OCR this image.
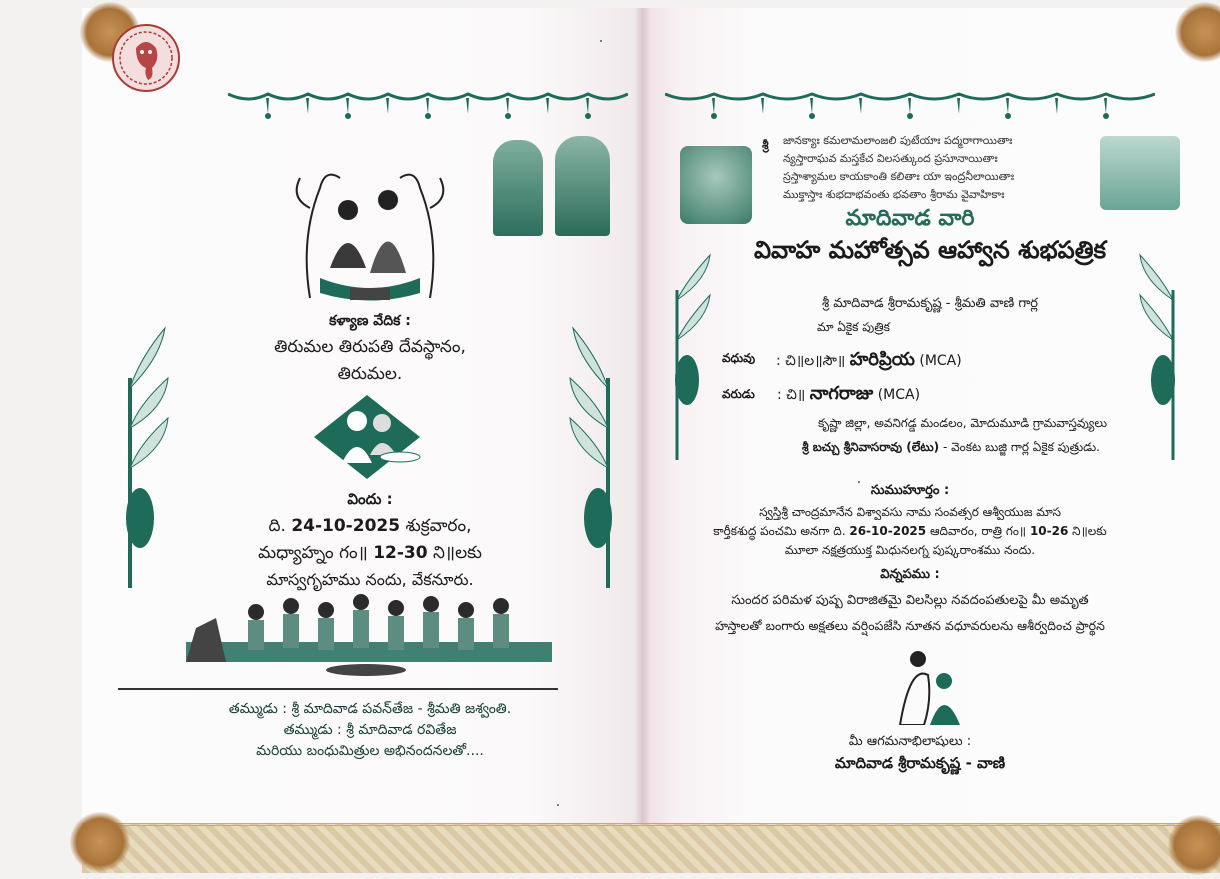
కళ్యాణ వేదిక :
తిరుమల తిరుపతి దేవస్థానం,
తిరుమల.
విందు :
ది. 24-10-2025 శుక్రవారం,
మధ్యాహ్నం గం॥ 12-30 ని॥లకు
మాస్వగృహము నందు, వేకనూరు.
తమ్ముడు : శ్రీ మాదివాడ పవన్‌తేజ - శ్రీమతి జశ్వంతి.
తమ్ముడు : శ్రీ మాదివాడ రవితేజ
మరియు బంధుమిత్రుల అభినందనలతో....
శ్రీ జానక్యాః కమలామలాంజలి పుటేయాః పద్మరాగాయితాః
న్యస్తారాఘవ మస్తకేచ విలసత్కుంద ప్రసూనాయితాః
స్రస్తాశ్యామల కాయకాంతి కలితాః యా ఇంద్రనీలాయితాః
ముక్తాస్తాః శుభదాభవంతు భవతాం శ్రీరామ వైవాహికాః
మాదివాడ వారి
వివాహ మహోత్సవ ఆహ్వాన శుభపత్రిక
శ్రీ మాదివాడ శ్రీరామకృష్ణ - శ్రీమతి వాణి గార్ల
మా ఏకైక పుత్రిక
వధువు : చి॥ల॥సౌ॥ హరిప్రియ (MCA)
వరుడు : చి॥ నాగరాజు (MCA)
కృష్ణా జిల్లా, అవనిగడ్డ మండలం, మోదుమూడి గ్రామవాస్తవ్యులు
శ్రీ బచ్చు శ్రీనివాసరావు (లేటు) - వెంకట బుజ్జి గార్ల ఏకైక పుత్రుడు.
సుముహూర్తం :
స్వస్తిశ్రీ చాంద్రమానేన విశ్వావసు నామ సంవత్సర ఆశ్వీయుజ మాస
కార్తీకశుద్ధ పంచమి అనగా ది. 26-10-2025 ఆదివారం, రాత్రి గం॥ 10-26 ని॥లకు
మూలా నక్షత్రయుక్త మిధునలగ్న పుష్కరాంశము నందు.
విన్నపము :
సుందర పరిమళ పుష్ప విరాజితమై విలసిల్లు నవదంపతులపై మీ అమృత
హస్తాలతో బంగారు అక్షతలు వర్షింపజేసి నూతన వధూవరులను ఆశీర్వదించ ప్రార్థన
మీ ఆగమనాభిలాషులు :
మాదివాడ శ్రీరామకృష్ణ - వాణి
